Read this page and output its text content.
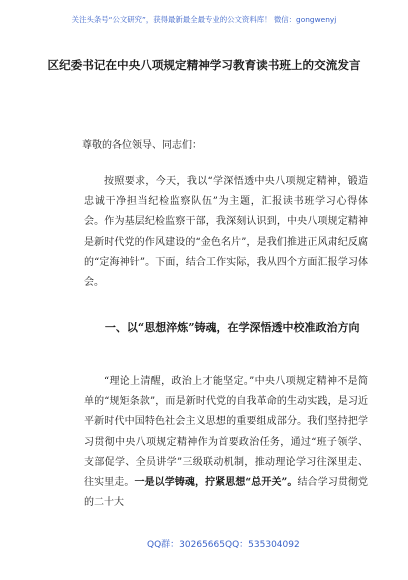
关注头条号“公文研究”，获得最新最全最专业的公文资料库！ 微信：gongwenyj
区纪委书记在中央八项规定精神学习教育读书班上的交流发言
尊敬的各位领导、同志们：
按照要求，今天，我以“学深悟透中央八项规定精神，锻造忠诚干净担当纪检监察队伍”为主题，汇报读书班学习心得体会。作为基层纪检监察干部，我深刻认识到，中央八项规定精神是新时代党的作风建设的“金色名片”，是我们推进正风肃纪反腐的“定海神针”。下面，结合工作实际，我从四个方面汇报学习体会。
一、以“思想淬炼”铸魂，在学深悟透中校准政治方向
“理论上清醒，政治上才能坚定。”中央八项规定精神不是简单的“规矩条款”，而是新时代党的自我革命的生动实践，是习近平新时代中国特色社会主义思想的重要组成部分。我们坚持把学习贯彻中央八项规定精神作为首要政治任务，通过“班子领学、支部促学、全员讲学”三级联动机制，推动理论学习往深里走、往实里走。一是以学铸魂，拧紧思想“总开关”。结合学习贯彻党的二十大
QQ群：30265665 QQ：535304092
